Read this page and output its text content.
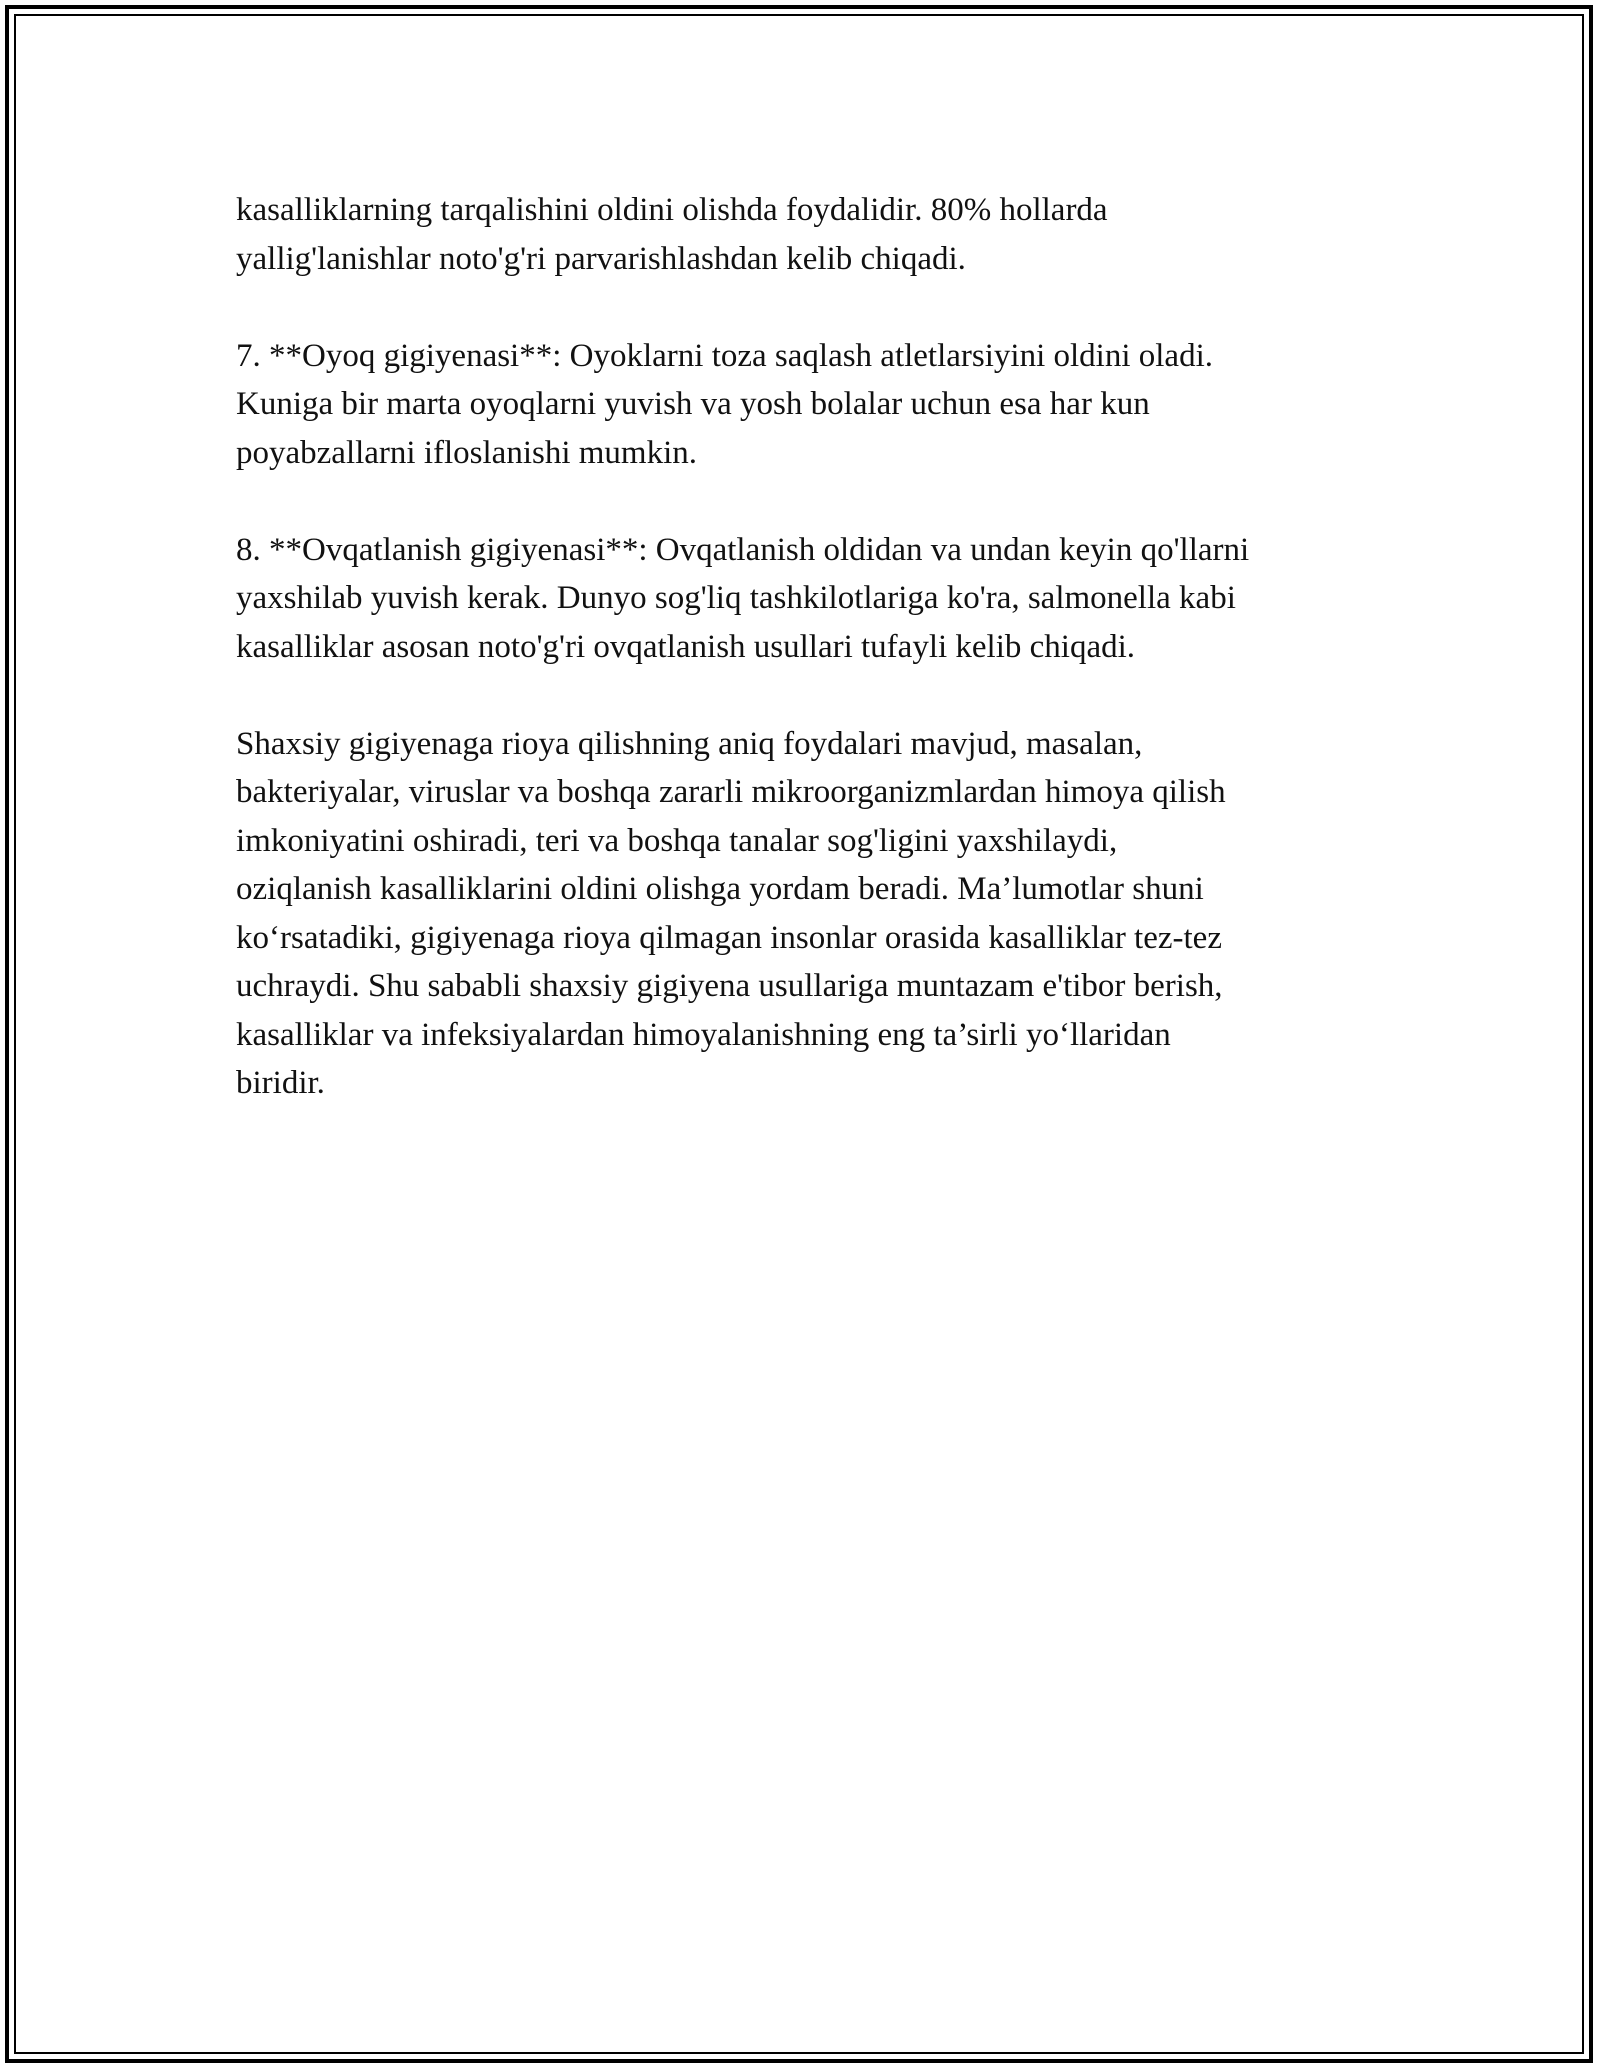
kasalliklarning tarqalishini oldini olishda foydalidir. 80% hollarda
yallig'lanishlar noto'g'ri parvarishlashdan kelib chiqadi.

7. **Oyoq gigiyenasi**: Oyoklarni toza saqlash atletlarsiyini oldini oladi.
Kuniga bir marta oyoqlarni yuvish va yosh bolalar uchun esa har kun
poyabzallarni ifloslanishi mumkin.

8. **Ovqatlanish gigiyenasi**: Ovqatlanish oldidan va undan keyin qo'llarni
yaxshilab yuvish kerak. Dunyo sog'liq tashkilotlariga ko'ra, salmonella kabi
kasalliklar asosan noto'g'ri ovqatlanish usullari tufayli kelib chiqadi.

Shaxsiy gigiyenaga rioya qilishning aniq foydalari mavjud, masalan,
bakteriyalar, viruslar va boshqa zararli mikroorganizmlardan himoya qilish
imkoniyatini oshiradi, teri va boshqa tanalar sog'ligini yaxshilaydi,
oziqlanish kasalliklarini oldini olishga yordam beradi. Ma’lumotlar shuni
ko‘rsatadiki, gigiyenaga rioya qilmagan insonlar orasida kasalliklar tez-tez
uchraydi. Shu sababli shaxsiy gigiyena usullariga muntazam e'tibor berish,
kasalliklar va infeksiyalardan himoyalanishning eng ta’sirli yo‘llaridan
biridir.
